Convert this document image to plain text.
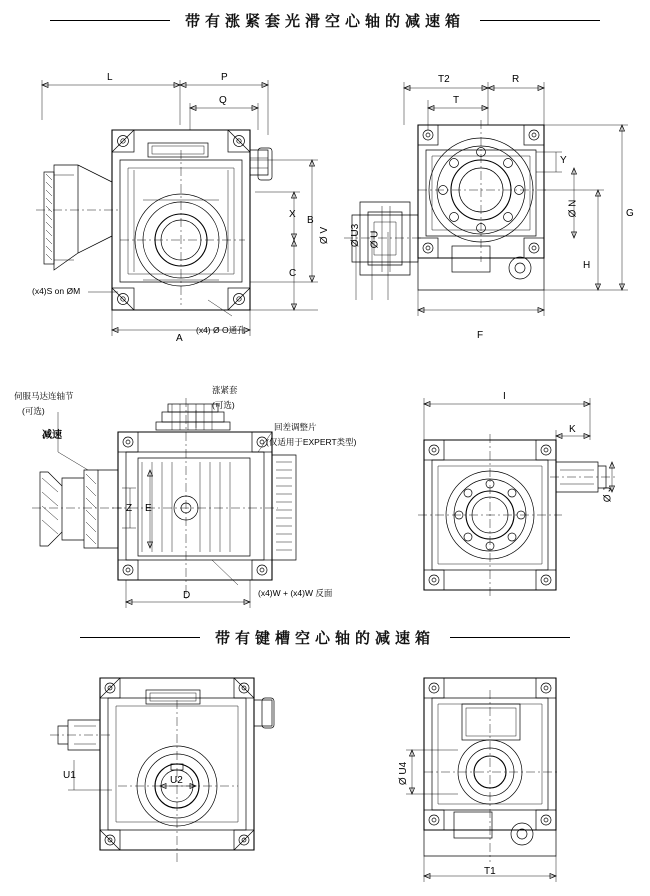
带有涨紧套光滑空心轴的减速箱
L	P
Q
X
B
C
A
(x4)S on ØM
(x4) Ø O通孔
T2	R
T
Y
G
H
F
Ø V Ø U3 Ø U
Ø N
伺服马达连轴节
(可选)
减速
涨紧套
(可选)
回差调整片
(仅适用于EXPERT类型)
(x4)W + (x4)W 反面
Z E
D
I
K
Ø J
U1	U2	Ø U4
T1
带有键槽空心轴的减速箱
